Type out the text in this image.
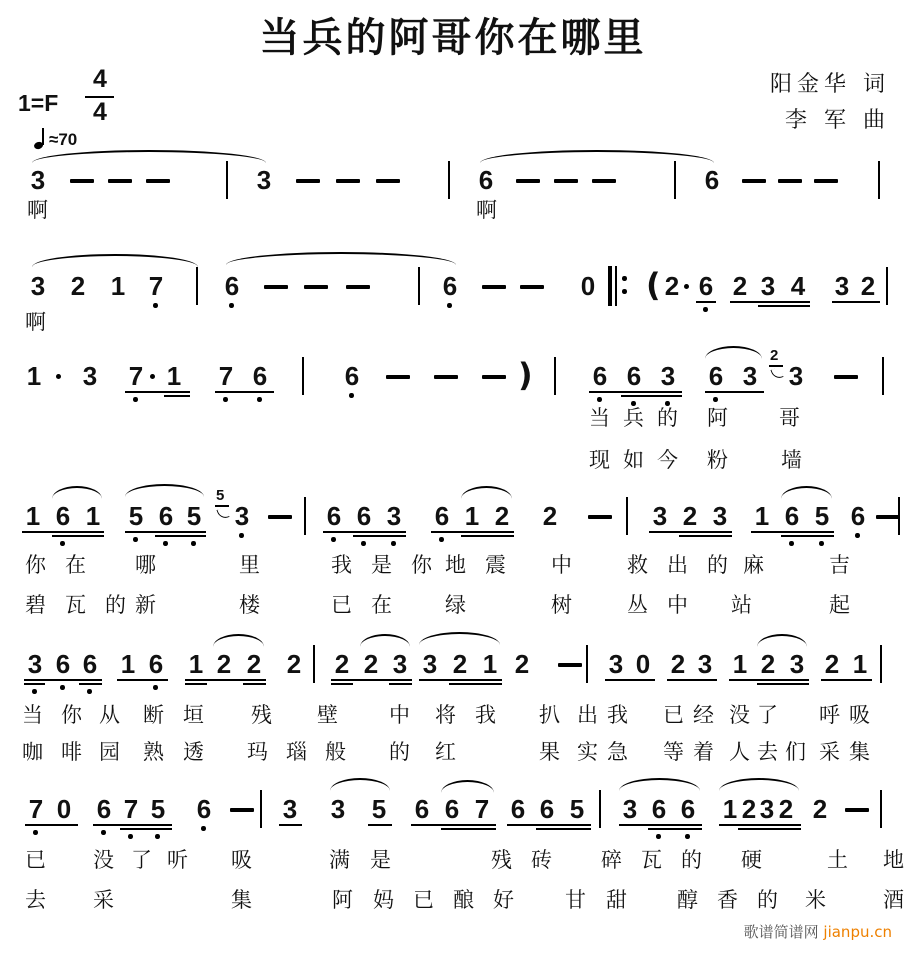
当兵的阿哥你在哪里
阳金华 词
李 军 曲
1=F
4
4
≈70
3	3	6	6
啊	啊
3 2 1 7 6	6	0 ( 2 6 2 3 4 3 2
啊
1 3 7 1 7 6	6	) 6 6 3 6 3
2
3
当 兵 的 阿 哥
现 如 今 粉	墙
1 6 1 5 6 5
5
3	6 6 3 6 1 2 2	3 2 3 1 6 5 6
你 在 哪	里	我 是 你 地 震 中	救 出 的 麻	吉
碧 瓦 的 新	楼	已 在	绿	树	丛 中 站	起
3 6 6 1 6 1 2 2 2 2 2 3 3 2 1 2	3 0 2 3 1 2 3 2 1
当 你 从 断 垣 残 壁 中 将 我 扒 出 我 已 经 没 了 呼 吸
咖 啡 园 熟 透 玛 瑙 般 的 红	果 实 急 等 着 人 去 们 采 集
7 0 6 7 5 6	3 3 5 6 6 7 6 6 5 3 6 6 1 2 3 2 2
已 没 了 听 吸	满 是	残 砖 碎 瓦 的 硬	土 地
去 采	集	阿 妈 已 酿 好 甘 甜 醇 香 的 米	酒
歌谱简谱网 jianpu.cn
